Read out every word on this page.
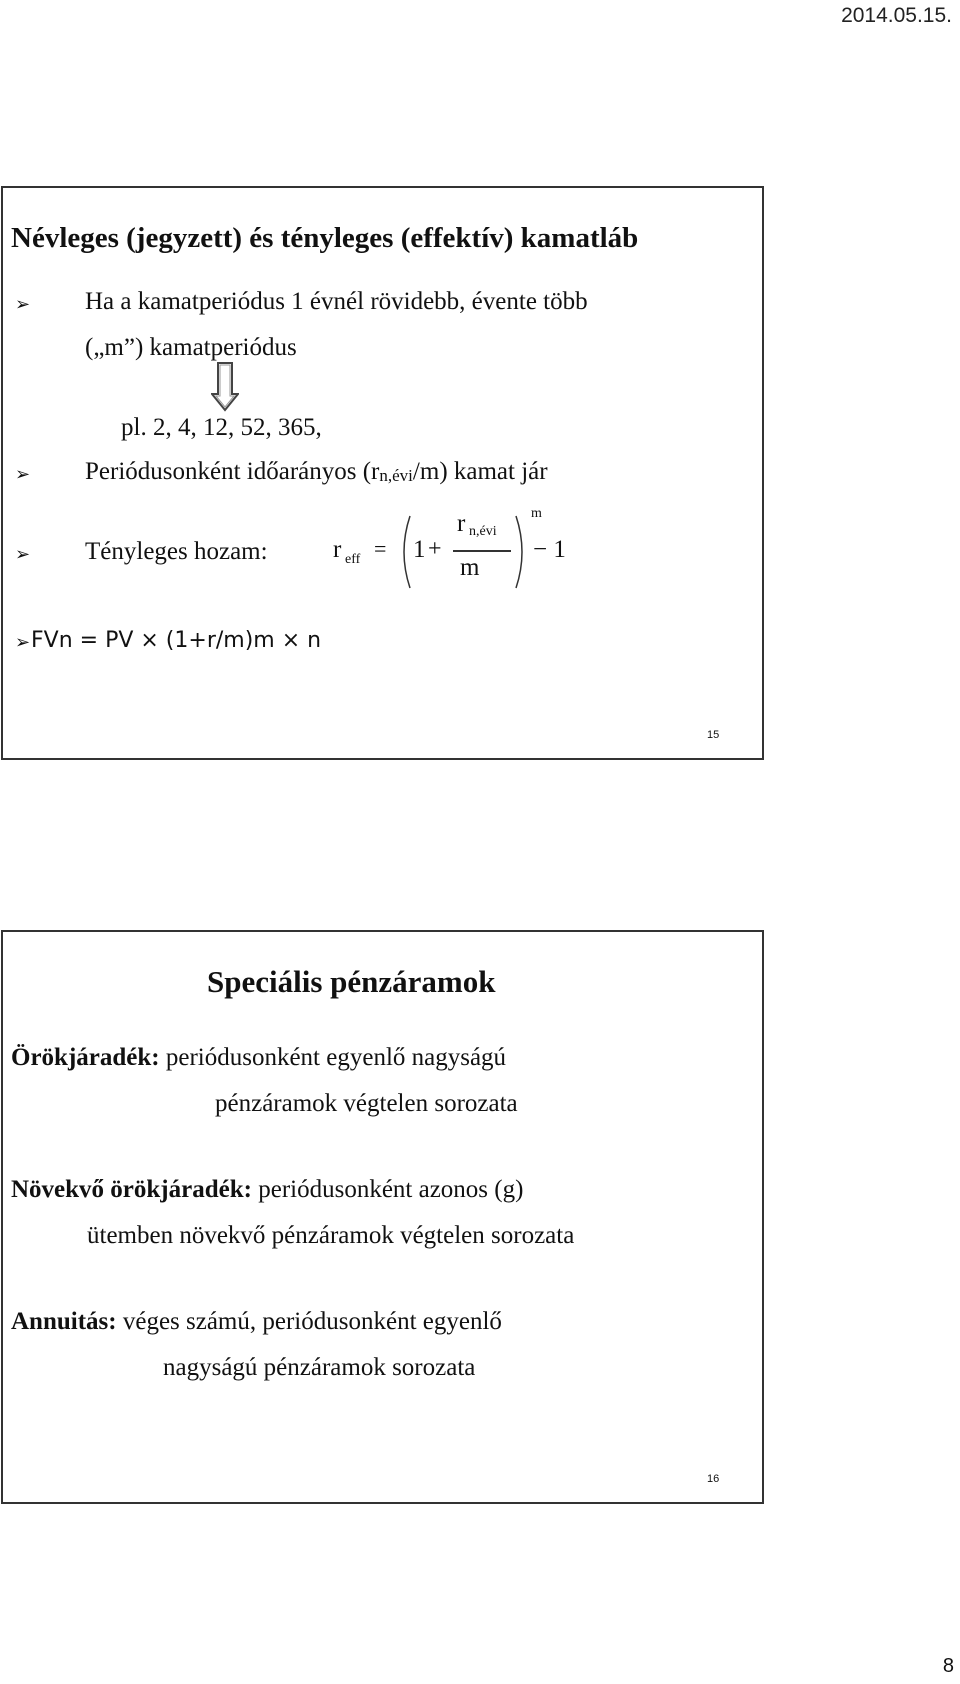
2014.05.15.
Névleges (jegyzett) és tényleges (effektív) kamatláb
➢ Ha a kamatperiódus 1 évnél rövidebb, évente több
(„m”) kamatperiódus
pl. 2, 4, 12, 52, 365,
➢ Periódusonként időarányos $(r_{n,évi}/m)$ kamat jár
➢ Tényleges hozam:	r eff = 1 +
r n,évi
m
m
− 1
➢ FVn = PV × (1+r/m)m × n
15
Speciális pénzáramok
Örökjáradék: periódusonként egyenlő nagyságú
pénzáramok végtelen sorozata
Növekvő örökjáradék: periódusonként azonos (g)
ütemben növekvő pénzáramok végtelen sorozata
Annuitás: véges számú, periódusonként egyenlő
nagyságú pénzáramok sorozata
16
8
